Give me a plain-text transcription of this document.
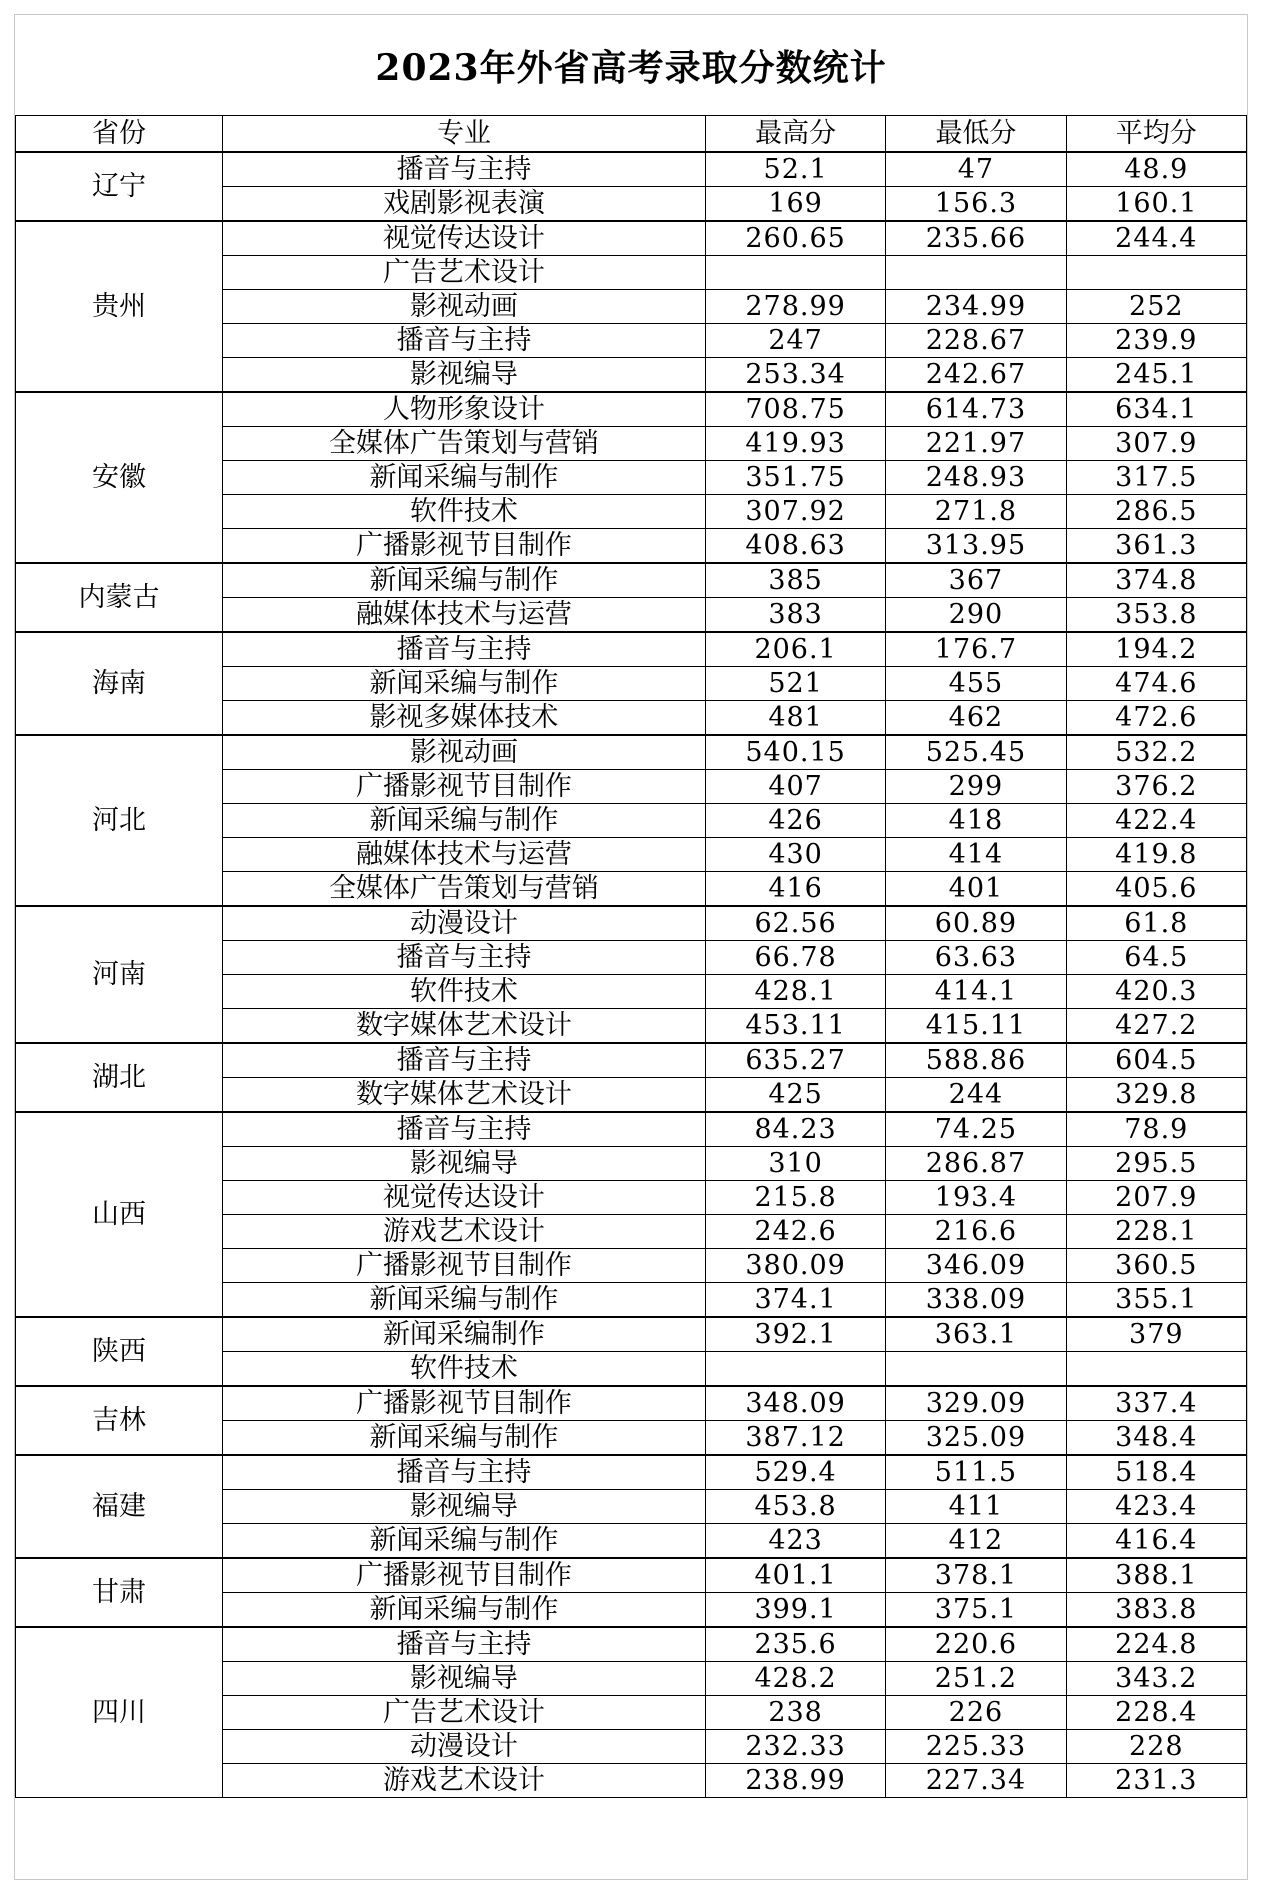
2023年外省高考录取分数统计
省份	专业	最高分	最低分	平均分
辽宁	播音与主持	52.1	47	48.9
	戏剧影视表演	169	156.3	160.1
贵州	视觉传达设计	260.65	235.66	244.4
	广告艺术设计			
	影视动画	278.99	234.99	252
	播音与主持	247	228.67	239.9
	影视编导	253.34	242.67	245.1
安徽	人物形象设计	708.75	614.73	634.1
	全媒体广告策划与营销	419.93	221.97	307.9
	新闻采编与制作	351.75	248.93	317.5
	软件技术	307.92	271.8	286.5
	广播影视节目制作	408.63	313.95	361.3
内蒙古	新闻采编与制作	385	367	374.8
	融媒体技术与运营	383	290	353.8
海南	播音与主持	206.1	176.7	194.2
	新闻采编与制作	521	455	474.6
	影视多媒体技术	481	462	472.6
河北	影视动画	540.15	525.45	532.2
	广播影视节目制作	407	299	376.2
	新闻采编与制作	426	418	422.4
	融媒体技术与运营	430	414	419.8
	全媒体广告策划与营销	416	401	405.6
河南	动漫设计	62.56	60.89	61.8
	播音与主持	66.78	63.63	64.5
	软件技术	428.1	414.1	420.3
	数字媒体艺术设计	453.11	415.11	427.2
湖北	播音与主持	635.27	588.86	604.5
	数字媒体艺术设计	425	244	329.8
山西	播音与主持	84.23	74.25	78.9
	影视编导	310	286.87	295.5
	视觉传达设计	215.8	193.4	207.9
	游戏艺术设计	242.6	216.6	228.1
	广播影视节目制作	380.09	346.09	360.5
	新闻采编与制作	374.1	338.09	355.1
陕西	新闻采编制作	392.1	363.1	379
	软件技术			
吉林	广播影视节目制作	348.09	329.09	337.4
	新闻采编与制作	387.12	325.09	348.4
福建	播音与主持	529.4	511.5	518.4
	影视编导	453.8	411	423.4
	新闻采编与制作	423	412	416.4
甘肃	广播影视节目制作	401.1	378.1	388.1
	新闻采编与制作	399.1	375.1	383.8
四川	播音与主持	235.6	220.6	224.8
	影视编导	428.2	251.2	343.2
	广告艺术设计	238	226	228.4
	动漫设计	232.33	225.33	228
	游戏艺术设计	238.99	227.34	231.3
